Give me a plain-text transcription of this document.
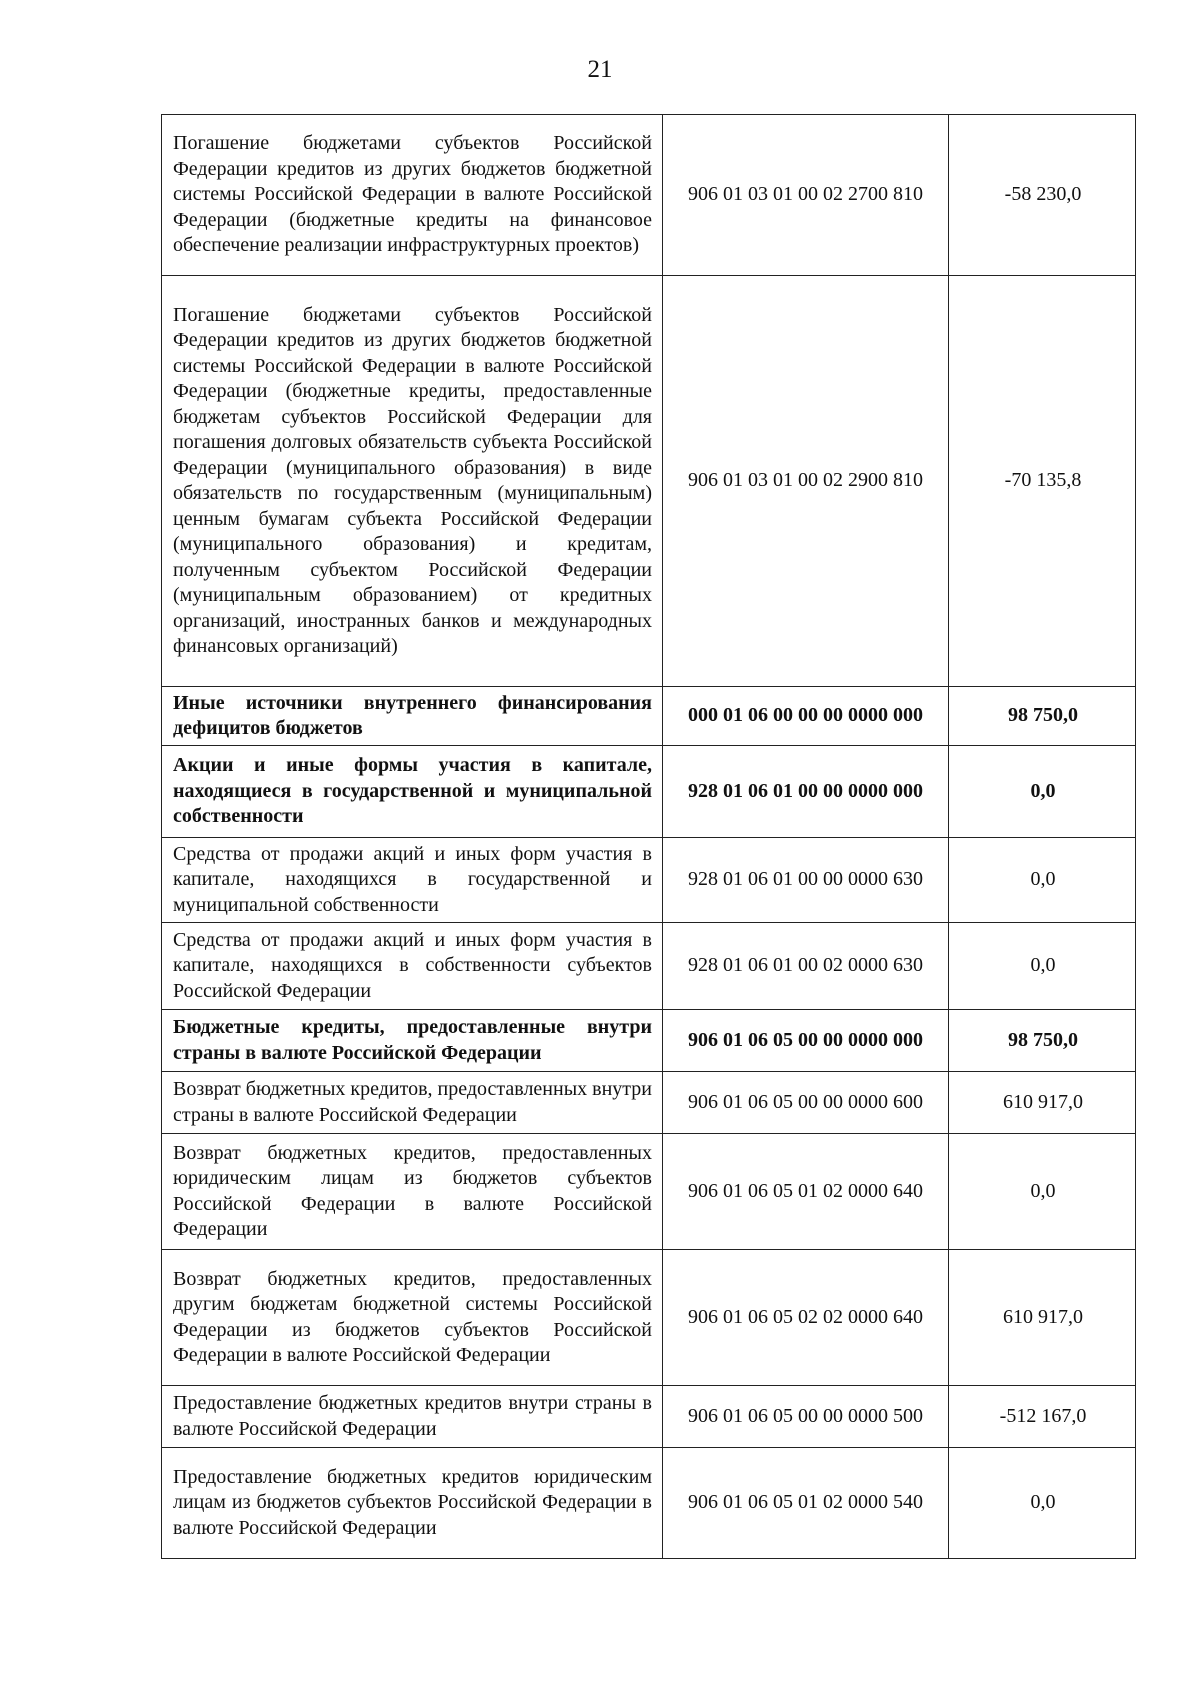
21
Погашение бюджетами субъектов Российской Федерации кредитов из других бюджетов бюджетной системы Российской Федерации в валюте Российской Федерации (бюджетные кредиты на финансовое обеспечение реализации инфраструктурных проектов)	906 01 03 01 00 02 2700 810	-58 230,0
Погашение бюджетами субъектов Российской Федерации кредитов из других бюджетов бюджетной системы Российской Федерации в валюте Российской Федерации (бюджетные кредиты, предоставленные бюджетам субъектов Российской Федерации для погашения долговых обязательств субъекта Российской Федерации (муниципального образования) в виде обязательств по государственным (муниципальным) ценным бумагам субъекта Российской Федерации (муниципального образования) и кредитам, полученным субъектом Российской Федерации (муниципальным образованием) от кредитных организаций, иностранных банков и международных финансовых организаций)	906 01 03 01 00 02 2900 810	-70 135,8
Иные источники внутреннего финансирования дефицитов бюджетов	000 01 06 00 00 00 0000 000	98 750,0
Акции и иные формы участия в капитале, находящиеся в государственной и муниципальной собственности	928 01 06 01 00 00 0000 000	0,0
Средства от продажи акций и иных форм участия в капитале, находящихся в государственной и муниципальной собственности	928 01 06 01 00 00 0000 630	0,0
Средства от продажи акций и иных форм участия в капитале, находящихся в собственности субъектов Российской Федерации	928 01 06 01 00 02 0000 630	0,0
Бюджетные кредиты, предоставленные внутри страны в валюте Российской Федерации	906 01 06 05 00 00 0000 000	98 750,0
Возврат бюджетных кредитов, предоставленных внутри страны в валюте Российской Федерации	906 01 06 05 00 00 0000 600	610 917,0
Возврат бюджетных кредитов, предоставленных юридическим лицам из бюджетов субъектов Российской Федерации в валюте Российской Федерации	906 01 06 05 01 02 0000 640	0,0
Возврат бюджетных кредитов, предоставленных другим бюджетам бюджетной системы Российской Федерации из бюджетов субъектов Российской Федерации в валюте Российской Федерации	906 01 06 05 02 02 0000 640	610 917,0
Предоставление бюджетных кредитов внутри страны в валюте Российской Федерации	906 01 06 05 00 00 0000 500	-512 167,0
Предоставление бюджетных кредитов юридическим лицам из бюджетов субъектов Российской Федерации в валюте Российской Федерации	906 01 06 05 01 02 0000 540	0,0
